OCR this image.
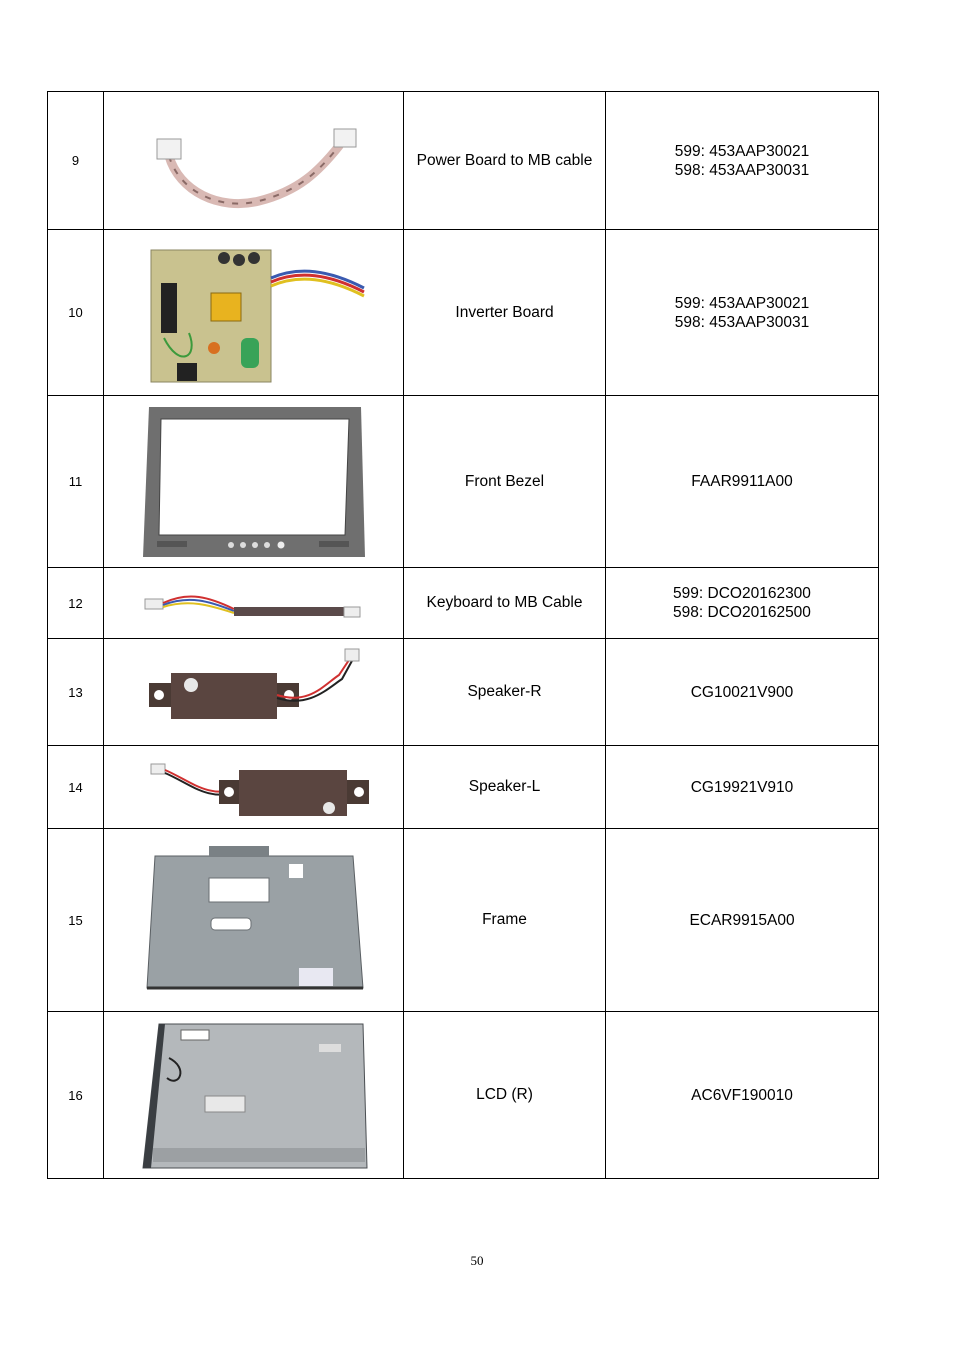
9		Power Board to MB cable	599: 453AAP30021
598: 453AAP30031

10		Inverter Board	599: 453AAP30021
598: 453AAP30031

11		Front Bezel	FAAR9911A00

12		Keyboard to MB Cable	599: DCO20162300
598: DCO20162500

13		Speaker-R	CG10021V900

14		Speaker-L	CG19921V910

15		Frame	ECAR9915A00

16		LCD (R)	AC6VF190010
50
